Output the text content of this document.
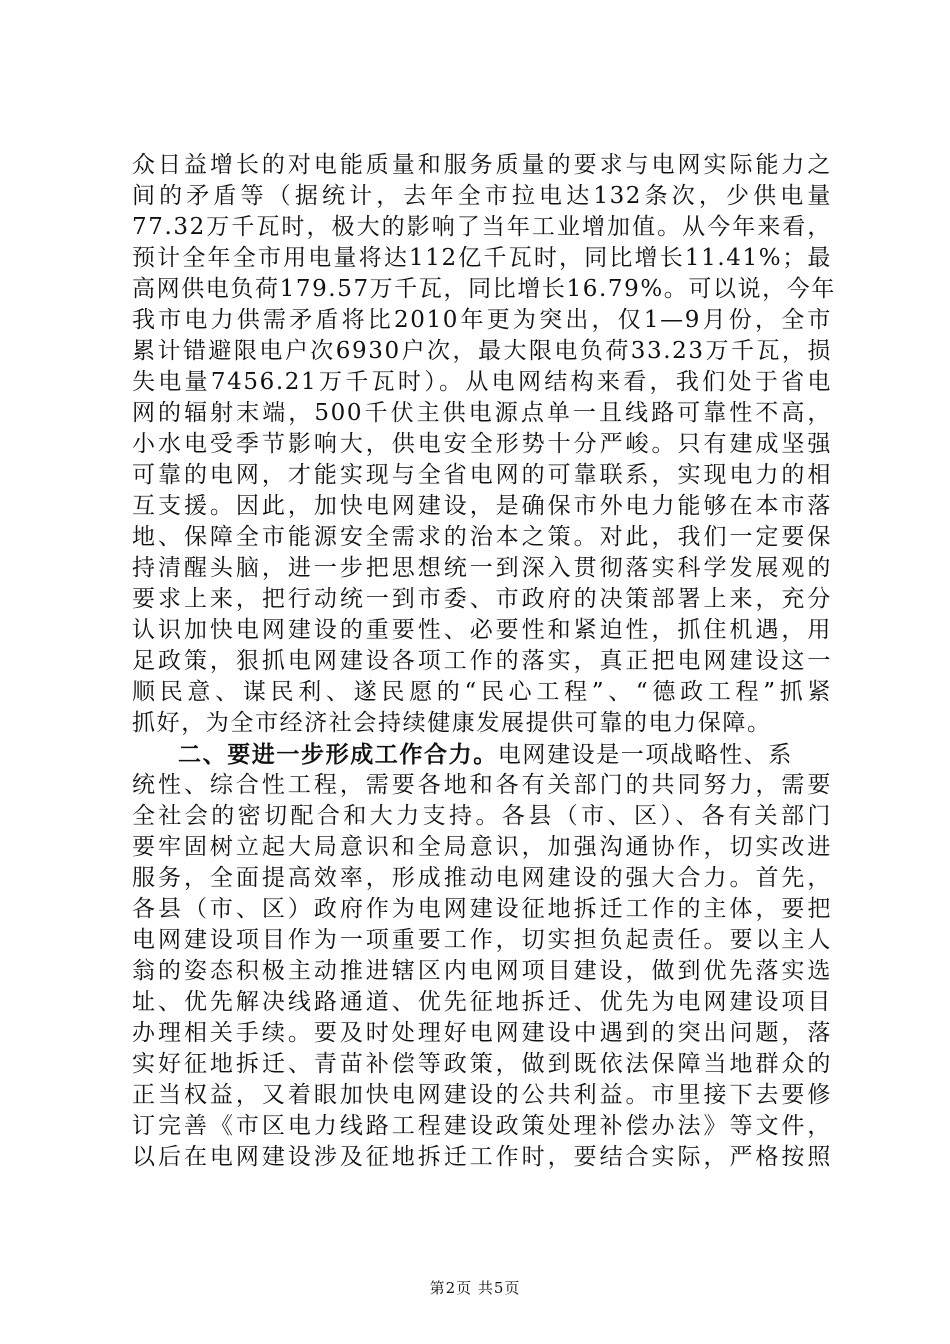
众日益增长的对电能质量和服务质量的要求与电网实际能力之
间的矛盾等（据统计，去年全市拉电达132条次，少供电量
77.32万千瓦时，极大的影响了当年工业增加值。从今年来看，
预计全年全市用电量将达112亿千瓦时，同比增长11.41%；最
高网供电负荷179.57万千瓦，同比增长16.79%。可以说，今年
我市电力供需矛盾将比2010年更为突出，仅1—9月份，全市
累计错避限电户次6930户次，最大限电负荷33.23万千瓦，损
失电量7456.21万千瓦时）。从电网结构来看，我们处于省电
网的辐射末端，500千伏主供电源点单一且线路可靠性不高，
小水电受季节影响大，供电安全形势十分严峻。只有建成坚强
可靠的电网，才能实现与全省电网的可靠联系，实现电力的相
互支援。因此，加快电网建设，是确保市外电力能够在本市落
地、保障全市能源安全需求的治本之策。对此，我们一定要保
持清醒头脑，进一步把思想统一到深入贯彻落实科学发展观的
要求上来，把行动统一到市委、市政府的决策部署上来，充分
认识加快电网建设的重要性、必要性和紧迫性，抓住机遇，用
足政策，狠抓电网建设各项工作的落实，真正把电网建设这一
顺民意、谋民利、遂民愿的“民心工程”、“德政工程”抓紧
抓好，为全市经济社会持续健康发展提供可靠的电力保障。
二、要进一步形成工作合力。电网建设是一项战略性、系
统性、综合性工程，需要各地和各有关部门的共同努力，需要
全社会的密切配合和大力支持。各县（市、区）、各有关部门
要牢固树立起大局意识和全局意识，加强沟通协作，切实改进
服务，全面提高效率，形成推动电网建设的强大合力。首先，
各县（市、区）政府作为电网建设征地拆迁工作的主体，要把
电网建设项目作为一项重要工作，切实担负起责任。要以主人
翁的姿态积极主动推进辖区内电网项目建设，做到优先落实选
址、优先解决线路通道、优先征地拆迁、优先为电网建设项目
办理相关手续。要及时处理好电网建设中遇到的突出问题，落
实好征地拆迁、青苗补偿等政策，做到既依法保障当地群众的
正当权益，又着眼加快电网建设的公共利益。市里接下去要修
订完善《市区电力线路工程建设政策处理补偿办法》等文件，
以后在电网建设涉及征地拆迁工作时，要结合实际，严格按照
第2页 共5页
